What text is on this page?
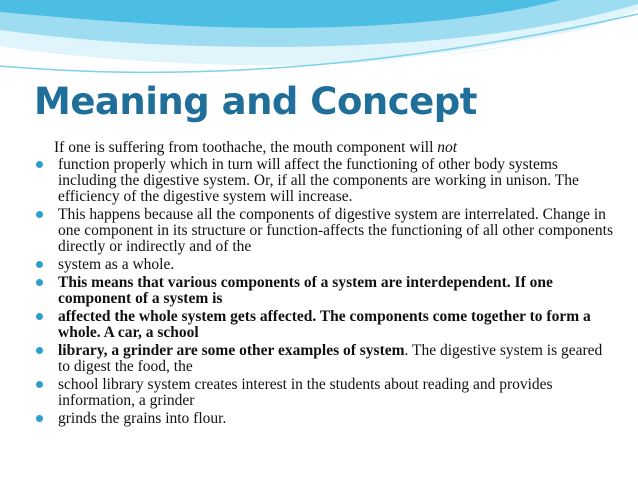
Meaning and Concept

If one is suffering from toothache, the mouth component will not

function properly which in turn will affect the functioning of other body systems including the digestive system. Or, if all the components are working in unison. The efficiency of the digestive system will increase.
This happens because all the components of digestive system are interrelated. Change in one component in its structure or function-affects the functioning of all other components directly or indirectly and of the
system as a whole.
This means that various components of a system are interdependent. If one component of a system is
affected the whole system gets affected. The components come together to form a whole. A car, a school
library, a grinder are some other examples of system. The digestive system is geared to digest the food, the
school library system creates interest in the students about reading and provides information, a grinder
grinds the grains into flour.
